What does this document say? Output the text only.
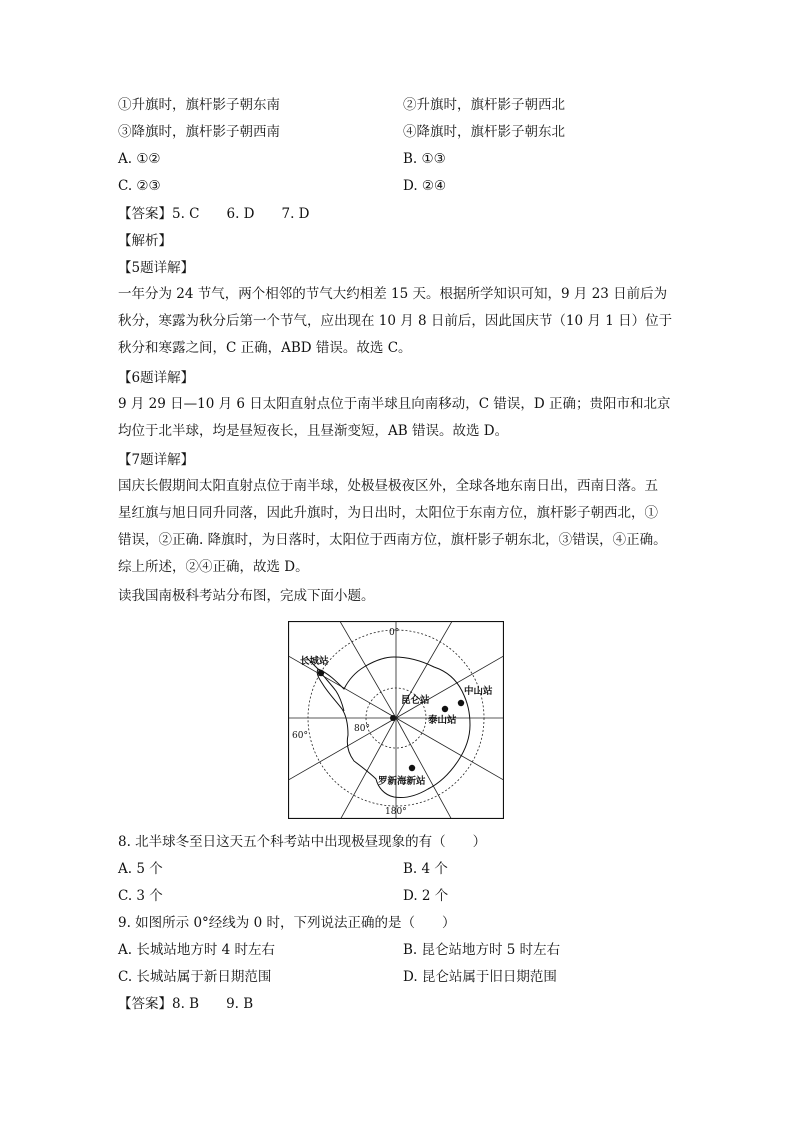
①升旗时，旗杆影子朝东南	②升旗时，旗杆影子朝西北
③降旗时，旗杆影子朝西南	④降旗时，旗杆影子朝东北
A. ①②	B. ①③
C. ②③	D. ②④
【答案】5. C　　6. D　　7. D
【解析】
【5题详解】
一年分为 24 节气，两个相邻的节气大约相差 15 天。根据所学知识可知，9 月 23 日前后为
秋分，寒露为秋分后第一个节气，应出现在 10 月 8 日前后，因此国庆节（10 月 1 日）位于
秋分和寒露之间，C 正确，ABD 错误。故选 C。
【6题详解】
9 月 29 日—10 月 6 日太阳直射点位于南半球且向南移动，C 错误，D 正确；贵阳市和北京
均位于北半球，均是昼短夜长，且昼渐变短，AB 错误。故选 D。
【7题详解】
国庆长假期间太阳直射点位于南半球，处极昼极夜区外，全球各地东南日出，西南日落。五
星红旗与旭日同升同落，因此升旗时，为日出时，太阳位于东南方位，旗杆影子朝西北，①
错误，②正确. 降旗时，为日落时，太阳位于西南方位，旗杆影子朝东北，③错误，④正确。
综上所述，②④正确，故选 D。
读我国南极科考站分布图，完成下面小题。
0°
180°
60°
80°
长城站
昆仑站
中山站
泰山站
罗新海新站
8. 北半球冬至日这天五个科考站中出现极昼现象的有（　　）
A. 5 个	B. 4 个
C. 3 个	D. 2 个
9. 如图所示 0°经线为 0 时，下列说法正确的是（　　）
A. 长城站地方时 4 时左右	B. 昆仑站地方时 5 时左右
C. 长城站属于新日期范围	D. 昆仑站属于旧日期范围
【答案】8. B　　9. B
